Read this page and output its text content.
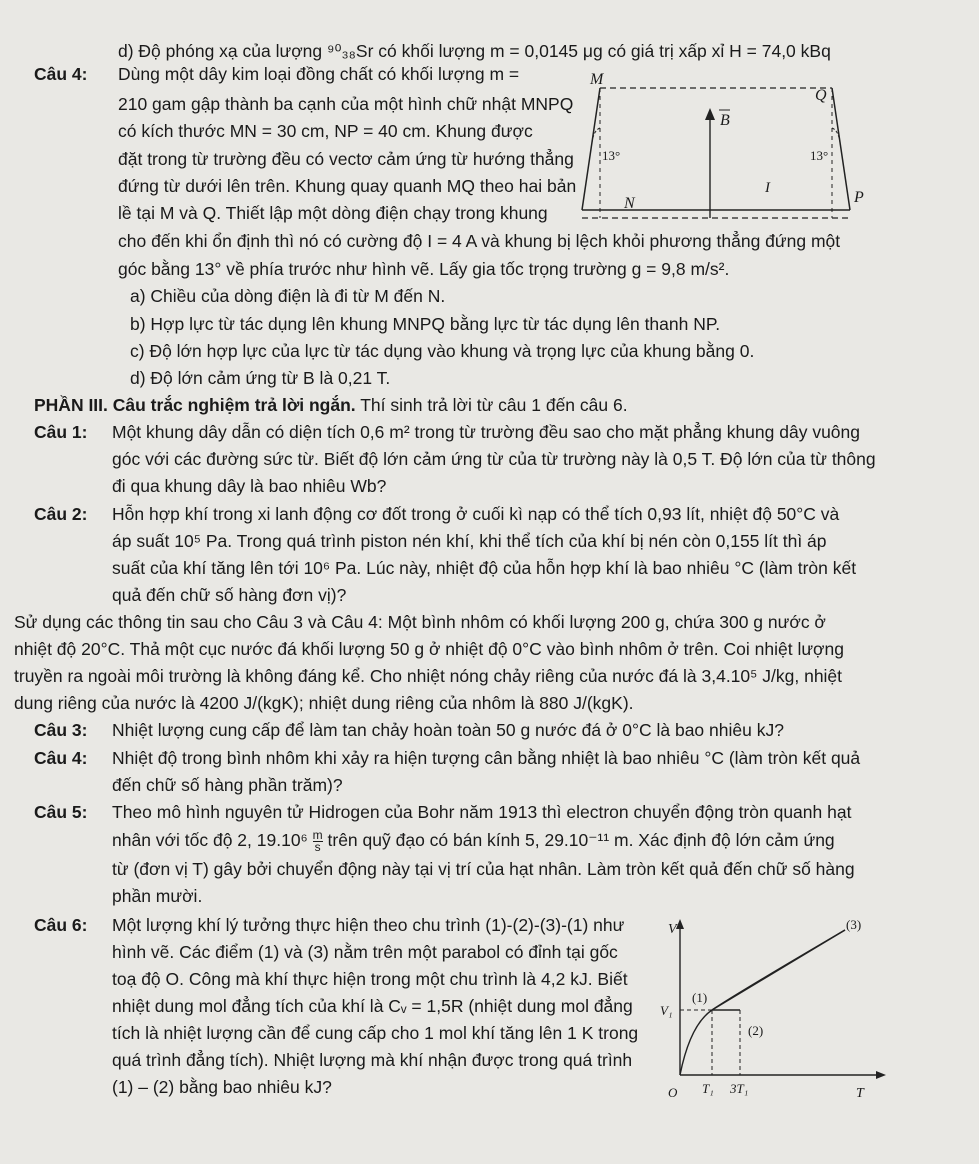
d) Độ phóng xạ của lượng ⁹⁰₃₈Sr có khối lượng m = 0,0145 μg có giá trị xấp xỉ H = 74,0 kBq
Câu 4: Dùng một dây kim loại đồng chất có khối lượng m =
210 gam gập thành ba cạnh của một hình chữ nhật MNPQ
có kích thước MN = 30 cm, NP = 40 cm. Khung được
đặt trong từ trường đều có vectơ cảm ứng từ hướng thẳng
đứng từ dưới lên trên. Khung quay quanh MQ theo hai bản
lề tại M và Q. Thiết lập một dòng điện chạy trong khung
cho đến khi ổn định thì nó có cường độ I = 4 A và khung bị lệch khỏi phương thẳng đứng một
góc bằng 13° về phía trước như hình vẽ. Lấy gia tốc trọng trường g = 9,8 m/s².
a) Chiều của dòng điện là đi từ M đến N.
b) Hợp lực từ tác dụng lên khung MNPQ bằng lực từ tác dụng lên thanh NP.
c) Độ lớn hợp lực của lực từ tác dụng vào khung và trọng lực của khung bằng 0.
d) Độ lớn cảm ứng từ B là 0,21 T.
B
M
Q
N	P
I
13°	13°
PHẦN III. Câu trắc nghiệm trả lời ngắn. Thí sinh trả lời từ câu 1 đến câu 6.
Câu 1: Một khung dây dẫn có diện tích 0,6 m² trong từ trường đều sao cho mặt phẳng khung dây vuông
góc với các đường sức từ. Biết độ lớn cảm ứng từ của từ trường này là 0,5 T. Độ lớn của từ thông
đi qua khung dây là bao nhiêu Wb?
Câu 2: Hỗn hợp khí trong xi lanh động cơ đốt trong ở cuối kì nạp có thể tích 0,93 lít, nhiệt độ 50°C và
áp suất 10⁵ Pa. Trong quá trình piston nén khí, khi thể tích của khí bị nén còn 0,155 lít thì áp
suất của khí tăng lên tới 10⁶ Pa. Lúc này, nhiệt độ của hỗn hợp khí là bao nhiêu °C (làm tròn kết
quả đến chữ số hàng đơn vị)?
Sử dụng các thông tin sau cho Câu 3 và Câu 4: Một bình nhôm có khối lượng 200 g, chứa 300 g nước ở
nhiệt độ 20°C. Thả một cục nước đá khối lượng 50 g ở nhiệt độ 0°C vào bình nhôm ở trên. Coi nhiệt lượng
truyền ra ngoài môi trường là không đáng kể. Cho nhiệt nóng chảy riêng của nước đá là 3,4.10⁵ J/kg, nhiệt
dung riêng của nước là 4200 J/(kgK); nhiệt dung riêng của nhôm là 880 J/(kgK).
Câu 3: Nhiệt lượng cung cấp để làm tan chảy hoàn toàn 50 g nước đá ở 0°C là bao nhiêu kJ?
Câu 4: Nhiệt độ trong bình nhôm khi xảy ra hiện tượng cân bằng nhiệt là bao nhiêu °C (làm tròn kết quả
đến chữ số hàng phần trăm)?
Câu 5: Theo mô hình nguyên tử Hidrogen của Bohr năm 1913 thì electron chuyển động tròn quanh hạt
nhân với tốc độ 2, $19.10^6 \frac{m}{s}$ trên quỹ đạo có bán kính 5, 29.10⁻¹¹ m. Xác định độ lớn cảm ứng
từ (đơn vị T) gây bởi chuyển động này tại vị trí của hạt nhân. Làm tròn kết quả đến chữ số hàng
phần mười.
Câu 6: Một lượng khí lý tưởng thực hiện theo chu trình (1)-(2)-(3)-(1) như
hình vẽ. Các điểm (1) và (3) nằm trên một parabol có đỉnh tại gốc
toạ độ O. Công mà khí thực hiện trong một chu trình là 4,2 kJ. Biết
nhiệt dung mol đẳng tích của khí là Cᵥ = 1,5R (nhiệt dung mol đẳng
tích là nhiệt lượng cần để cung cấp cho 1 mol khí tăng lên 1 K trong
quá trình đẳng tích). Nhiệt lượng mà khí nhận được trong quá trình
(1) – (2) bằng bao nhiêu kJ?
V
T
O
V₁
T₁ 3T₁
(1)
(2)
(3)
